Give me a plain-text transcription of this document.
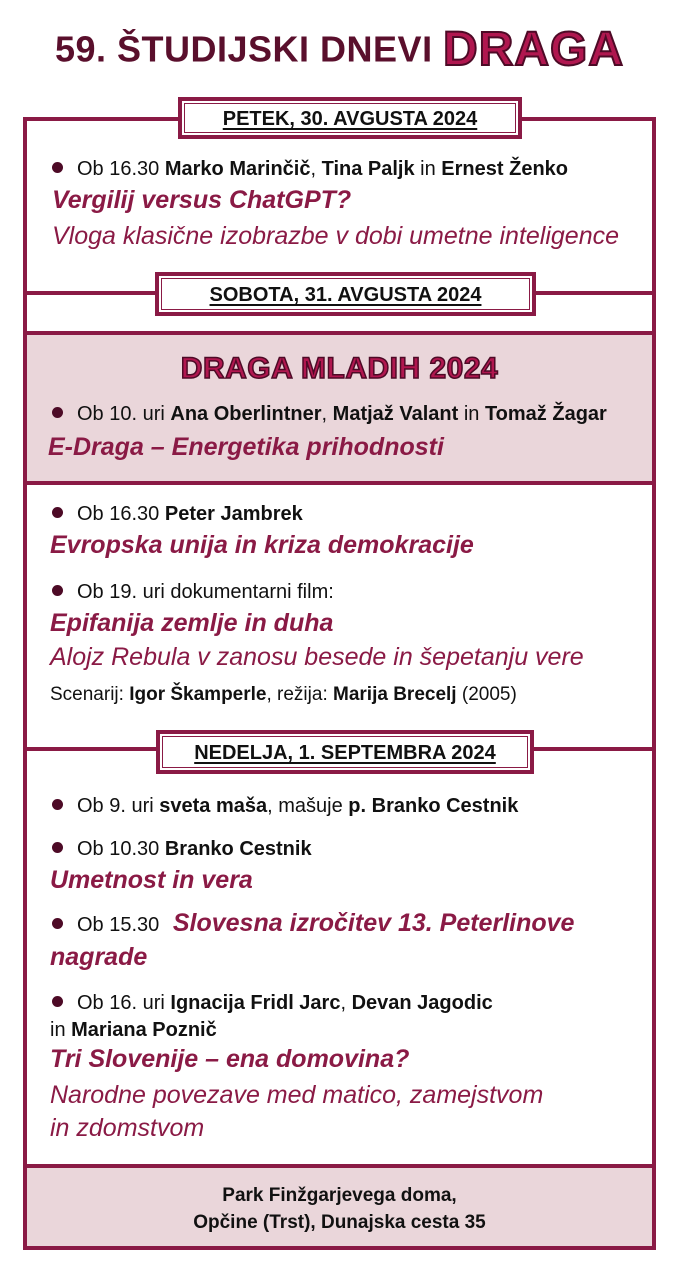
59. ŠTUDIJSKI DNEVI DRAGA
PETEK, 30. AVGUSTA 2024
SOBOTA, 31. AVGUSTA 2024
NEDELJA, 1. SEPTEMBRA 2024
Ob 16.30 Marko Marinčič, Tina Paljk in Ernest Ženko
Vergilij versus ChatGPT?
Vloga klasične izobrazbe v dobi umetne inteligence
DRAGA MLADIH 2024
Ob 10. uri Ana Oberlintner, Matjaž Valant in Tomaž Žagar
E-Draga – Energetika prihodnosti
Ob 16.30 Peter Jambrek
Evropska unija in kriza demokracije
Ob 19. uri dokumentarni film:
Epifanija zemlje in duha
Alojz Rebula v zanosu besede in šepetanju vere
Scenarij: Igor Škamperle, režija: Marija Brecelj (2005)
Ob 9. uri sveta maša, mašuje p. Branko Cestnik
Ob 10.30 Branko Cestnik
Umetnost in vera
Ob 15.30 Slovesna izročitev 13. Peterlinove
nagrade
Ob 16. uri Ignacija Fridl Jarc, Devan Jagodic
in Mariana Poznič
Tri Slovenije – ena domovina?
Narodne povezave med matico, zamejstvom
in zdomstvom
Park Finžgarjevega doma,
Opčine (Trst), Dunajska cesta 35
